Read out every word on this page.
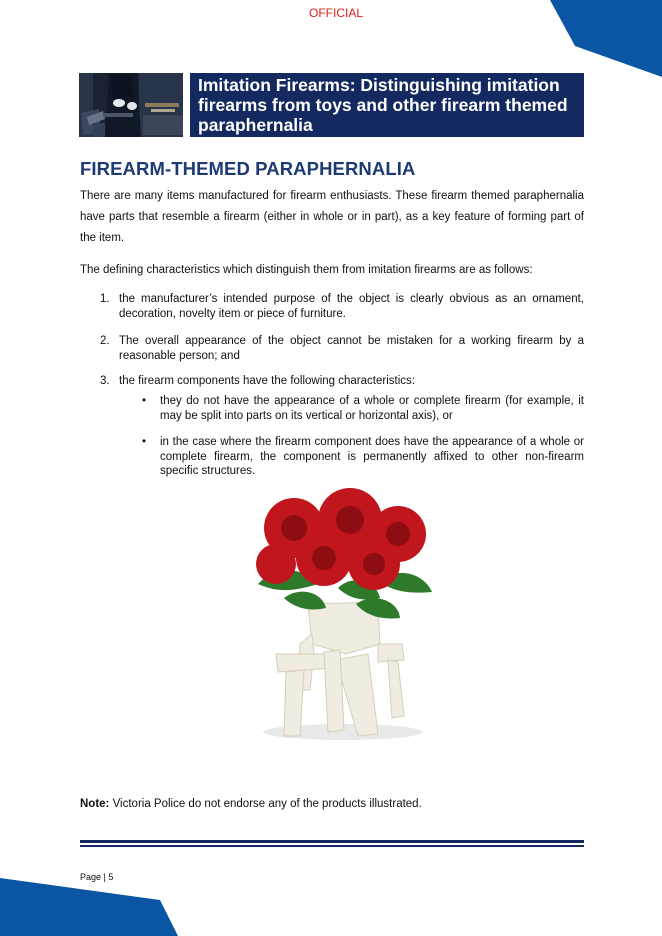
OFFICIAL
Imitation Firearms: Distinguishing imitation firearms from toys and other firearm themed paraphernalia
FIREARM-THEMED PARAPHERNALIA

There are many items manufactured for firearm enthusiasts. These firearm themed paraphernalia have parts that resemble a firearm (either in whole or in part), as a key feature of forming part of the item.

The defining characteristics which distinguish them from imitation firearms are as follows:

1. the manufacturer’s intended purpose of the object is clearly obvious as an ornament, decoration, novelty item or piece of furniture.
2. The overall appearance of the object cannot be mistaken for a working firearm by a reasonable person; and
3. the firearm components have the following characteristics:
• they do not have the appearance of a whole or complete firearm (for example, it may be split into parts on its vertical or horizontal axis), or
• in the case where the firearm component does have the appearance of a whole or complete firearm, the component is permanently affixed to other non-firearm specific structures.

Note: Victoria Police do not endorse any of the products illustrated.

Page | 5
